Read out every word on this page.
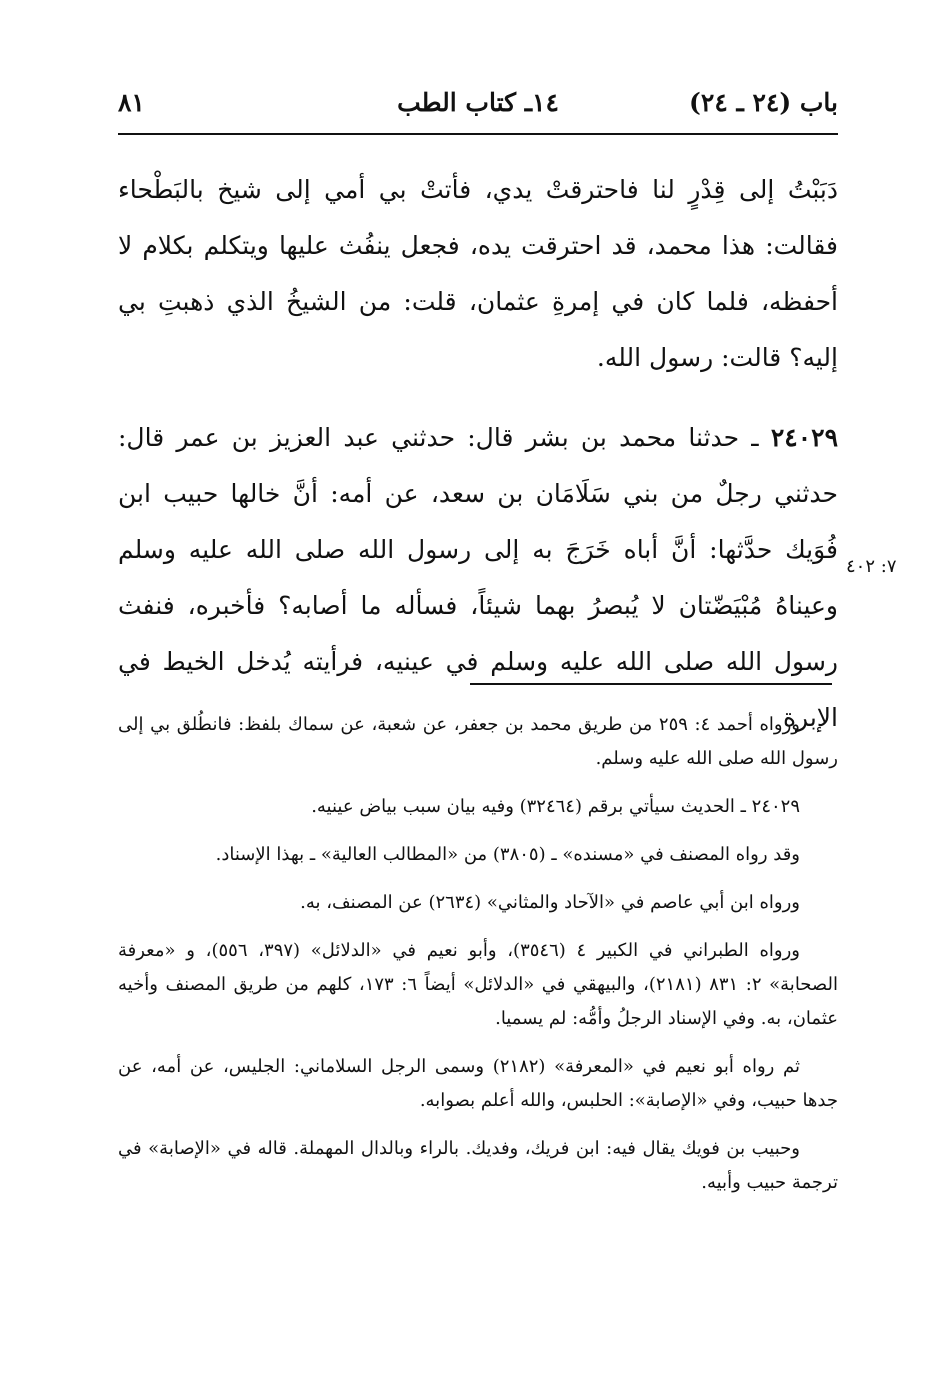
باب (٢٤ ـ ٢٤)
١٤ـ كتاب الطب
٨١

دَبَبْتُ إلى قِدْرٍ لنا فاحترقتْ يدي، فأتتْ بي أمي إلى شيخ بالبَطْحاء فقالت: هذا محمد، قد احترقت يده، فجعل ينفُث عليها ويتكلم بكلام لا أحفظه، فلما كان في إمرةِ عثمان، قلت: من الشيخُ الذي ذهبتِ بي إليه؟ قالت: رسول الله.

٢٤٠٢٩ ـ حدثنا محمد بن بشر قال: حدثني عبد العزيز بن عمر قال: حدثني رجلٌ من بني سَلَامَان بن سعد، عن أمه: أنَّ خالها حبيب ابن فُوَيك حدَّثها: أنَّ أباه خَرَجَ به إلى رسول الله صلى الله عليه وسلم وعيناهُ مُبْيَضّتان لا يُبصرُ بهما شيئاً، فسأله ما أصابه؟ فأخبره، فنفث رسول الله صلى الله عليه وسلم في عينيه، فرأيته يُدخل الخيط في الإبرة

٧: ٤٠٢

ورواه أحمد ٤: ٢٥٩ من طريق محمد بن جعفر، عن شعبة، عن سماك بلفظ: فانطُلق بي إلى رسول الله صلى الله عليه وسلم.

٢٤٠٢٩ ـ الحديث سيأتي برقم (٣٢٤٦٤) وفيه بيان سبب بياض عينيه.

وقد رواه المصنف في «مسنده» ـ (٣٨٠٥) من «المطالب العالية» ـ بهذا الإسناد.

ورواه ابن أبي عاصم في «الآحاد والمثاني» (٢٦٣٤) عن المصنف، به.

ورواه الطبراني في الكبير ٤ (٣٥٤٦)، وأبو نعيم في «الدلائل» (٣٩٧، ٥٥٦)، و «معرفة الصحابة» ٢: ٨٣١ (٢١٨١)، والبيهقي في «الدلائل» أيضاً ٦: ١٧٣، كلهم من طريق المصنف وأخيه عثمان، به. وفي الإسناد الرجلُ وأمُّه: لم يسميا.

ثم رواه أبو نعيم في «المعرفة» (٢١٨٢) وسمى الرجل السلاماني: الجليس، عن أمه، عن جدها حبيب، وفي «الإصابة»: الحلبس، والله أعلم بصوابه.

وحبيب بن فويك يقال فيه: ابن فريك، وفديك. بالراء وبالدال المهملة. قاله في «الإصابة» في ترجمة حبيب وأبيه.
